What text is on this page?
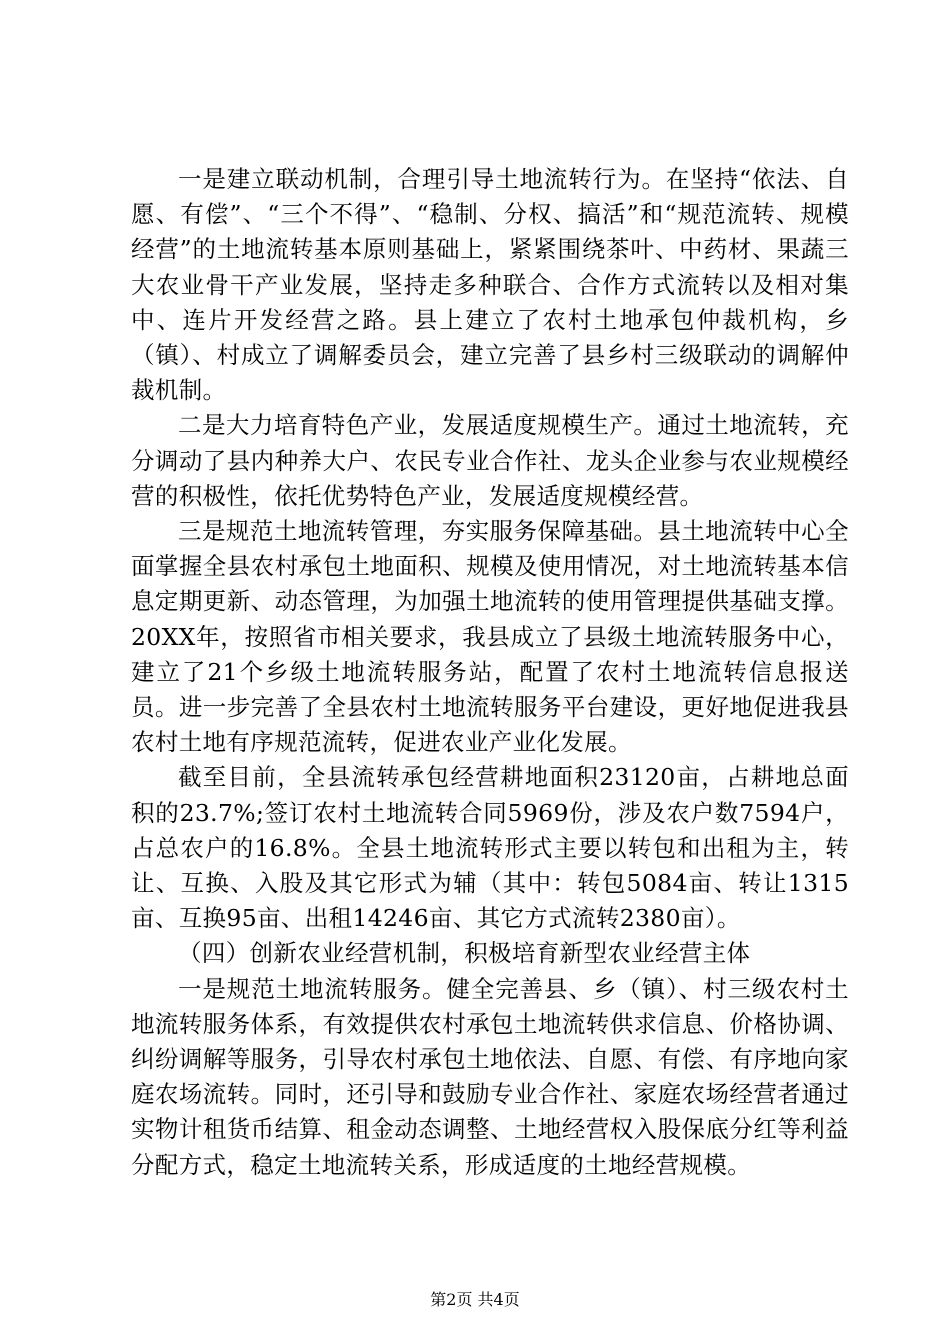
一是建立联动机制，合理引导土地流转行为。在坚持“依法、自愿、有偿”、“三个不得”、“稳制、分权、搞活”和“规范流转、规模经营”的土地流转基本原则基础上，紧紧围绕茶叶、中药材、果蔬三大农业骨干产业发展，坚持走多种联合、合作方式流转以及相对集中、连片开发经营之路。县上建立了农村土地承包仲裁机构，乡（镇）、村成立了调解委员会，建立完善了县乡村三级联动的调解仲裁机制。

二是大力培育特色产业，发展适度规模生产。通过土地流转，充分调动了县内种养大户、农民专业合作社、龙头企业参与农业规模经营的积极性，依托优势特色产业，发展适度规模经营。

三是规范土地流转管理，夯实服务保障基础。县土地流转中心全面掌握全县农村承包土地面积、规模及使用情况，对土地流转基本信息定期更新、动态管理，为加强土地流转的使用管理提供基础支撑。20XX年，按照省市相关要求，我县成立了县级土地流转服务中心，建立了21个乡级土地流转服务站，配置了农村土地流转信息报送员。进一步完善了全县农村土地流转服务平台建设，更好地促进我县农村土地有序规范流转，促进农业产业化发展。

截至目前，全县流转承包经营耕地面积23120亩，占耕地总面积的23.7%;签订农村土地流转合同5969份，涉及农户数7594户，占总农户的16.8%。全县土地流转形式主要以转包和出租为主，转让、互换、入股及其它形式为辅（其中：转包5084亩、转让1315亩、互换95亩、出租14246亩、其它方式流转2380亩）。

（四）创新农业经营机制，积极培育新型农业经营主体

一是规范土地流转服务。健全完善县、乡（镇）、村三级农村土地流转服务体系，有效提供农村承包土地流转供求信息、价格协调、纠纷调解等服务，引导农村承包土地依法、自愿、有偿、有序地向家庭农场流转。同时，还引导和鼓励专业合作社、家庭农场经营者通过实物计租货币结算、租金动态调整、土地经营权入股保底分红等利益分配方式，稳定土地流转关系，形成适度的土地经营规模。

第2页 共4页
